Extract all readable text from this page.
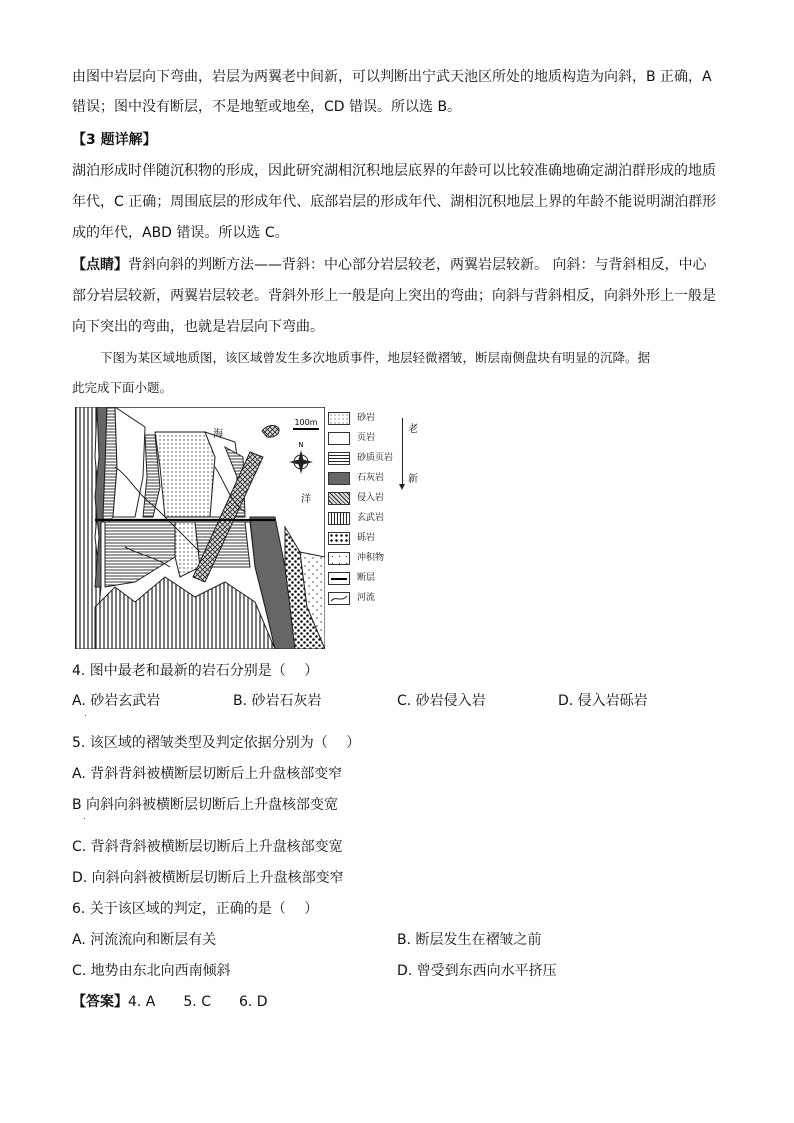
由图中岩层向下弯曲，岩层为两翼老中间新，可以判断出宁武天池区所处的地质构造为向斜，B 正确，A
错误；图中没有断层，不是地堑或地垒，CD 错误。所以选 B。
【3 题详解】
湖泊形成时伴随沉积物的形成，因此研究湖相沉积地层底界的年龄可以比较准确地确定湖泊群形成的地质
年代，C 正确；周围底层的形成年代、底部岩层的形成年代、湖相沉积地层上界的年龄不能说明湖泊群形
成的年代，ABD 错误。所以选 C。
【点睛】背斜向斜的判断方法——背斜：中心部分岩层较老，两翼岩层较新。 向斜：与背斜相反，中心
部分岩层较新，两翼岩层较老。背斜外形上一般是向上突出的弯曲；向斜与背斜相反，向斜外形上一般是
向下突出的弯曲，也就是岩层向下弯曲。
下图为某区域地质图，该区域曾发生多次地质事件，地层轻微褶皱，断层南侧盘块有明显的沉降。据
此完成下面小题。
100m
N
海
洋
砂岩
页岩
砂质页岩
石灰岩
侵入岩
玄武岩
砾岩
冲积物
断层
河流
老
新
4. 图中最老和最新的岩石分别是（　 ）
A. 砂岩玄武岩	B. 砂岩石灰岩	C. 砂岩侵入岩	D. 侵入岩砾岩
.
5. 该区域的褶皱类型及判定依据分别为（　 ）
A. 背斜背斜被横断层切断后上升盘核部变窄
B 向斜向斜被横断层切断后上升盘核部变宽
.
C. 背斜背斜被横断层切断后上升盘核部变宽
D. 向斜向斜被横断层切断后上升盘核部变窄
6. 关于该区域的判定，正确的是（　 ）
A. 河流流向和断层有关	B. 断层发生在褶皱之前
C. 地势由东北向西南倾斜	D. 曾受到东西向水平挤压
【答案】4. A　　5. C　　6. D
